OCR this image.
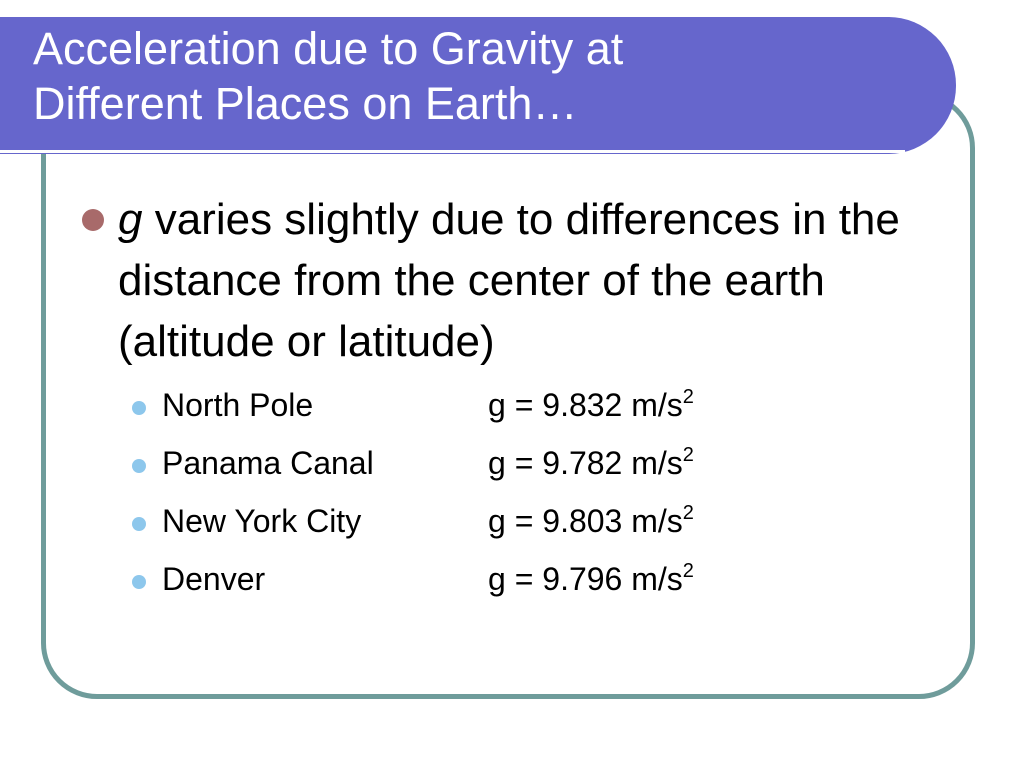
Acceleration due to Gravity at
Different Places on Earth…
g varies slightly due to differences in the distance from the center of the earth (altitude or latitude)
North Pole	g = 9.832 $m/s^2$
Panama Canal	g = 9.782 $m/s^2$
New York City	g = 9.803 $m/s^2$
Denver	g = 9.796 $m/s^2$
